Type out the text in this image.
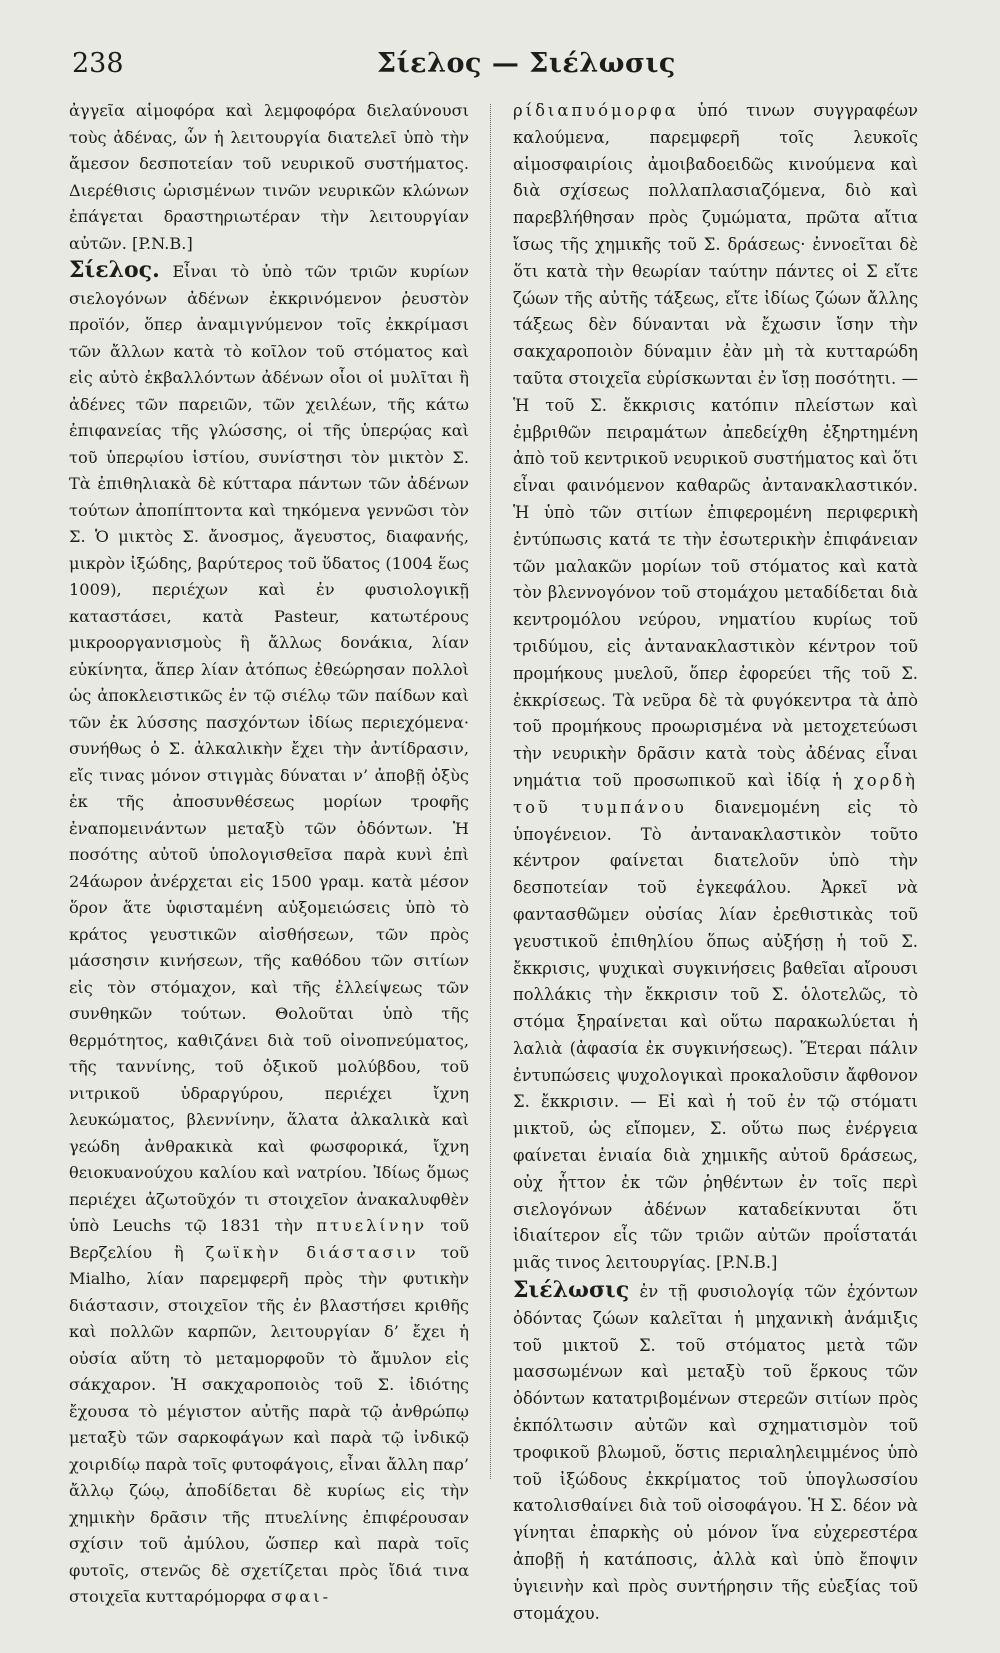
238	Σίελος — Σιέλωσις

ἀγγεῖα αἱμοφόρα καὶ λεμφοφόρα διελαύνουσι τοὺς ἀδένας, ὧν ἡ λειτουργία διατελεῖ ὑπὸ τὴν ἄμεσον δεσποτείαν τοῦ νευρικοῦ συστήματος. Διερέθισις ὡρισμένων τινῶν νευρικῶν κλώνων ἐπάγεται δραστηριωτέραν τὴν λειτουργίαν αὐτῶν. [P.N.B.]

Σίελος. Εἶναι τὸ ὑπὸ τῶν τριῶν κυρίων σιελογόνων ἀδένων ἐκκρινόμενον ῥευστὸν προϊόν, ὅπερ ἀναμιγνύμενον τοῖς ἐκκρίμασι τῶν ἄλλων κατὰ τὸ κοῖλον τοῦ στόματος καὶ εἰς αὐτὸ ἐκβαλλόντων ἀδένων οἷοι οἱ μυλῖται ἢ ἀδένες τῶν παρειῶν, τῶν χειλέων, τῆς κάτω ἐπιφανείας τῆς γλώσσης, οἱ τῆς ὑπερῴας καὶ τοῦ ὑπερῳίου ἱστίου, συνίστησι τὸν μικτὸν Σ. Τὰ ἐπιθηλιακὰ δὲ κύτταρα πάντων τῶν ἀδένων τούτων ἀποπίπτοντα καὶ τηκόμενα γεννῶσι τὸν Σ. Ὁ μικτὸς Σ. ἄνοσμος, ἄγευστος, διαφανής, μικρὸν ἰξώδης, βαρύτερος τοῦ ὕδατος (1004 ἕως 1009), περιέχων καὶ ἐν φυσιολογικῇ καταστάσει, κατὰ Pasteur, κατωτέρους μικροοργανισμοὺς ἢ ἄλλως δονάκια, λίαν εὐκίνητα, ἅπερ λίαν ἀτόπως ἐθεώρησαν πολλοὶ ὡς ἀποκλειστικῶς ἐν τῷ σιέλῳ τῶν παίδων καὶ τῶν ἐκ λύσσης πασχόντων ἰδίως περιεχόμενα· συνήθως ὁ Σ. ἀλκαλικὴν ἔχει τὴν ἀντίδρασιν, εἴς τινας μόνον στιγμὰς δύναται ν’ ἀποβῇ ὀξὺς ἐκ τῆς ἀποσυνθέσεως μορίων τροφῆς ἐναπομεινάντων μεταξὺ τῶν ὀδόντων. Ἡ ποσότης αὐτοῦ ὑπολογισθεῖσα παρὰ κυνὶ ἐπὶ 24άωρον ἀνέρχεται εἰς 1500 γραμ. κατὰ μέσον ὅρον ἅτε ὑφισταμένη αὐξομειώσεις ὑπὸ τὸ κράτος γευστικῶν αἰσθήσεων, τῶν πρὸς μάσσησιν κινήσεων, τῆς καθόδου τῶν σιτίων εἰς τὸν στόμαχον, καὶ τῆς ἐλλείψεως τῶν συνθηκῶν τούτων. Θολοῦται ὑπὸ τῆς θερμότητος, καθιζάνει διὰ τοῦ οἰνοπνεύματος, τῆς ταννίνης, τοῦ ὀξικοῦ μολύβδου, τοῦ νιτρικοῦ ὑδραργύρου, περιέχει ἴχνη λευκώματος, βλεννίνην, ἅλατα ἀλκαλικὰ καὶ γεώδη ἀνθρακικὰ καὶ φωσφορικά, ἴχνη θειοκυανούχου καλίου καὶ νατρίου. Ἰδίως ὅμως περιέχει ἀζωτοῦχόν τι στοιχεῖον ἀνακαλυφθὲν ὑπὸ Leuchs τῷ 1831 τὴν πτυελίνην τοῦ Βερζελίου ἢ ζωϊκὴν διάστασιν τοῦ Mialho, λίαν παρεμφερῆ πρὸς τὴν φυτικὴν διάστασιν, στοιχεῖον τῆς ἐν βλαστήσει κριθῆς καὶ πολλῶν καρπῶν, λειτουργίαν δ’ ἔχει ἡ οὐσία αὕτη τὸ μεταμορφοῦν τὸ ἄμυλον εἰς σάκχαρον. Ἡ σακχαροποιὸς τοῦ Σ. ἰδιότης ἔχουσα τὸ μέγιστον αὐτῆς παρὰ τῷ ἀνθρώπῳ μεταξὺ τῶν σαρκοφάγων καὶ παρὰ τῷ ἰνδικῷ χοιριδίῳ παρὰ τοῖς φυτοφάγοις, εἶναι ἄλλη παρ’ ἄλλῳ ζώῳ, ἀποδίδεται δὲ κυρίως εἰς τὴν χημικὴν δρᾶσιν τῆς πτυελίνης ἐπιφέρουσαν σχίσιν τοῦ ἀμύλου, ὥσπερ καὶ παρὰ τοῖς φυτοῖς, στενῶς δὲ σχετίζεται πρὸς ἴδιά τινα στοιχεῖα κυτταρόμορφα σφαι-

ρίδιαπυόμορφα ὑπό τινων συγγραφέων καλούμενα, παρεμφερῆ τοῖς λευκοῖς αἱμοσφαιρίοις ἀμοιβαδοειδῶς κινούμενα καὶ διὰ σχίσεως πολλαπλασιαζόμενα, διὸ καὶ παρεβλήθησαν πρὸς ζυμώματα, πρῶτα αἴτια ἴσως τῆς χημικῆς τοῦ Σ. δράσεως· ἐννοεῖται δὲ ὅτι κατὰ τὴν θεωρίαν ταύτην πάντες οἱ Σ εἴτε ζώων τῆς αὐτῆς τάξεως, εἴτε ἰδίως ζώων ἄλλης τάξεως δὲν δύνανται νὰ ἔχωσιν ἴσην τὴν σακχαροποιὸν δύναμιν ἐὰν μὴ τὰ κυτταρώδη ταῦτα στοιχεῖα εὑρίσκωνται ἐν ἴσῃ ποσότητι. — Ἡ τοῦ Σ. ἔκκρισις κατόπιν πλείστων καὶ ἐμβριθῶν πειραμάτων ἀπεδείχθη ἐξηρτημένη ἀπὸ τοῦ κεντρικοῦ νευρικοῦ συστήματος καὶ ὅτι εἶναι φαινόμενον καθαρῶς ἀντανακλαστικόν. Ἡ ὑπὸ τῶν σιτίων ἐπιφερομένη περιφερικὴ ἐντύπωσις κατά τε τὴν ἐσωτερικὴν ἐπιφάνειαν τῶν μαλακῶν μορίων τοῦ στόματος καὶ κατὰ τὸν βλεννογόνον τοῦ στομάχου μεταδίδεται διὰ κεντρομόλου νεύρου, νηματίου κυρίως τοῦ τριδύμου, εἰς ἀντανακλαστικὸν κέντρον τοῦ προμήκους μυελοῦ, ὅπερ ἐφορεύει τῆς τοῦ Σ. ἐκκρίσεως. Τὰ νεῦρα δὲ τὰ φυγόκεντρα τὰ ἀπὸ τοῦ προμήκους προωρισμένα νὰ μετοχετεύωσι τὴν νευρικὴν δρᾶσιν κατὰ τοὺς ἀδένας εἶναι νημάτια τοῦ προσωπικοῦ καὶ ἰδίᾳ ἡ χορδὴ τοῦ τυμπάνου διανεμομένη εἰς τὸ ὑπογένειον. Τὸ ἀντανακλαστικὸν τοῦτο κέντρον φαίνεται διατελοῦν ὑπὸ τὴν δεσποτείαν τοῦ ἐγκεφάλου. Ἀρκεῖ νὰ φαντασθῶμεν οὐσίας λίαν ἐρεθιστικὰς τοῦ γευστικοῦ ἐπιθηλίου ὅπως αὐξήσῃ ἡ τοῦ Σ. ἔκκρισις, ψυχικαὶ συγκινήσεις βαθεῖαι αἴρουσι πολλάκις τὴν ἔκκρισιν τοῦ Σ. ὁλοτελῶς, τὸ στόμα ξηραίνεται καὶ οὕτω παρακωλύεται ἡ λαλιὰ (ἀφασία ἐκ συγκινήσεως). Ἕτεραι πάλιν ἐντυπώσεις ψυχολογικαὶ προκαλοῦσιν ἄφθονον Σ. ἔκκρισιν. — Εἰ καὶ ἡ τοῦ ἐν τῷ στόματι μικτοῦ, ὡς εἴπομεν, Σ. οὕτω πως ἐνέργεια φαίνεται ἑνιαία διὰ χημικῆς αὐτοῦ δράσεως, οὐχ ἧττον ἐκ τῶν ῥηθέντων ἐν τοῖς περὶ σιελογόνων ἀδένων καταδείκνυται ὅτι ἰδιαίτερον εἷς τῶν τριῶν αὐτῶν προΐστατάι μιᾶς τινος λειτουργίας. [P.N.B.]

Σιέλωσις ἐν τῇ φυσιολογίᾳ τῶν ἐχόντων ὀδόντας ζώων καλεῖται ἡ μηχανικὴ ἀνάμιξις τοῦ μικτοῦ Σ. τοῦ στόματος μετὰ τῶν μασσωμένων καὶ μεταξὺ τοῦ ἕρκους τῶν ὀδόντων κατατριβομένων στερεῶν σιτίων πρὸς ἐκπόλτωσιν αὐτῶν καὶ σχηματισμὸν τοῦ τροφικοῦ βλωμοῦ, ὅστις περιαληλειμμένος ὑπὸ τοῦ ἰξώδους ἐκκρίματος τοῦ ὑπογλωσσίου κατολισθαίνει διὰ τοῦ οἰσοφάγου. Ἡ Σ. δέον νὰ γίνηται ἐπαρκὴς οὐ μόνον ἵνα εὐχερεστέρα ἀποβῇ ἡ κατάποσις, ἀλλὰ καὶ ὑπὸ ἔποψιν ὑγιεινὴν καὶ πρὸς συντήρησιν τῆς εὐεξίας τοῦ στομάχου.
